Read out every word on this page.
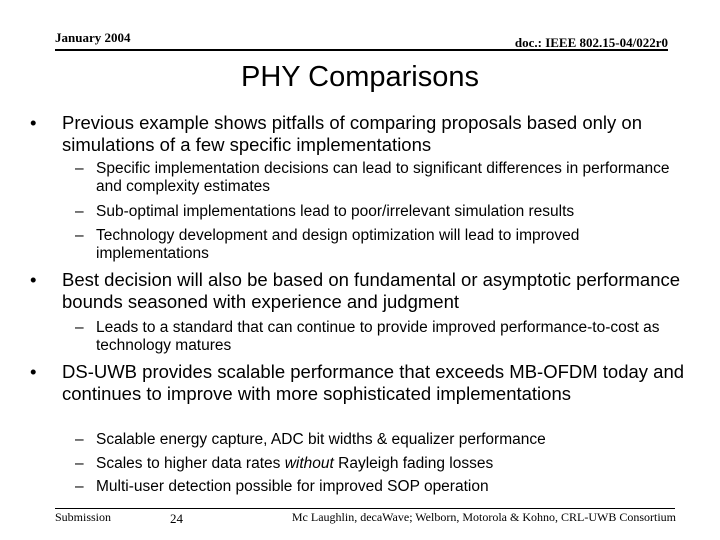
January 2004	doc.: IEEE 802.15-04/022r0
PHY Comparisons
•	Previous example shows pitfalls of comparing proposals based only on simulations of a few specific implementations
– Specific implementation decisions can lead to significant differences in performance and complexity estimates
– Sub-optimal implementations lead to poor/irrelevant simulation results
– Technology development and design optimization will lead to improved implementations
•	Best decision will also be based on fundamental or asymptotic performance bounds seasoned with experience and judgment
– Leads to a standard that can continue to provide improved performance-to-cost as technology matures
•	DS-UWB provides scalable performance that exceeds MB-OFDM today and continues to improve with more sophisticated implementations
– Scalable energy capture, ADC bit widths & equalizer performance
– Scales to higher data rates without Rayleigh fading losses
– Multi-user detection possible for improved SOP operation
Submission	24	Mc Laughlin, decaWave; Welborn, Motorola & Kohno, CRL-UWB Consortium
